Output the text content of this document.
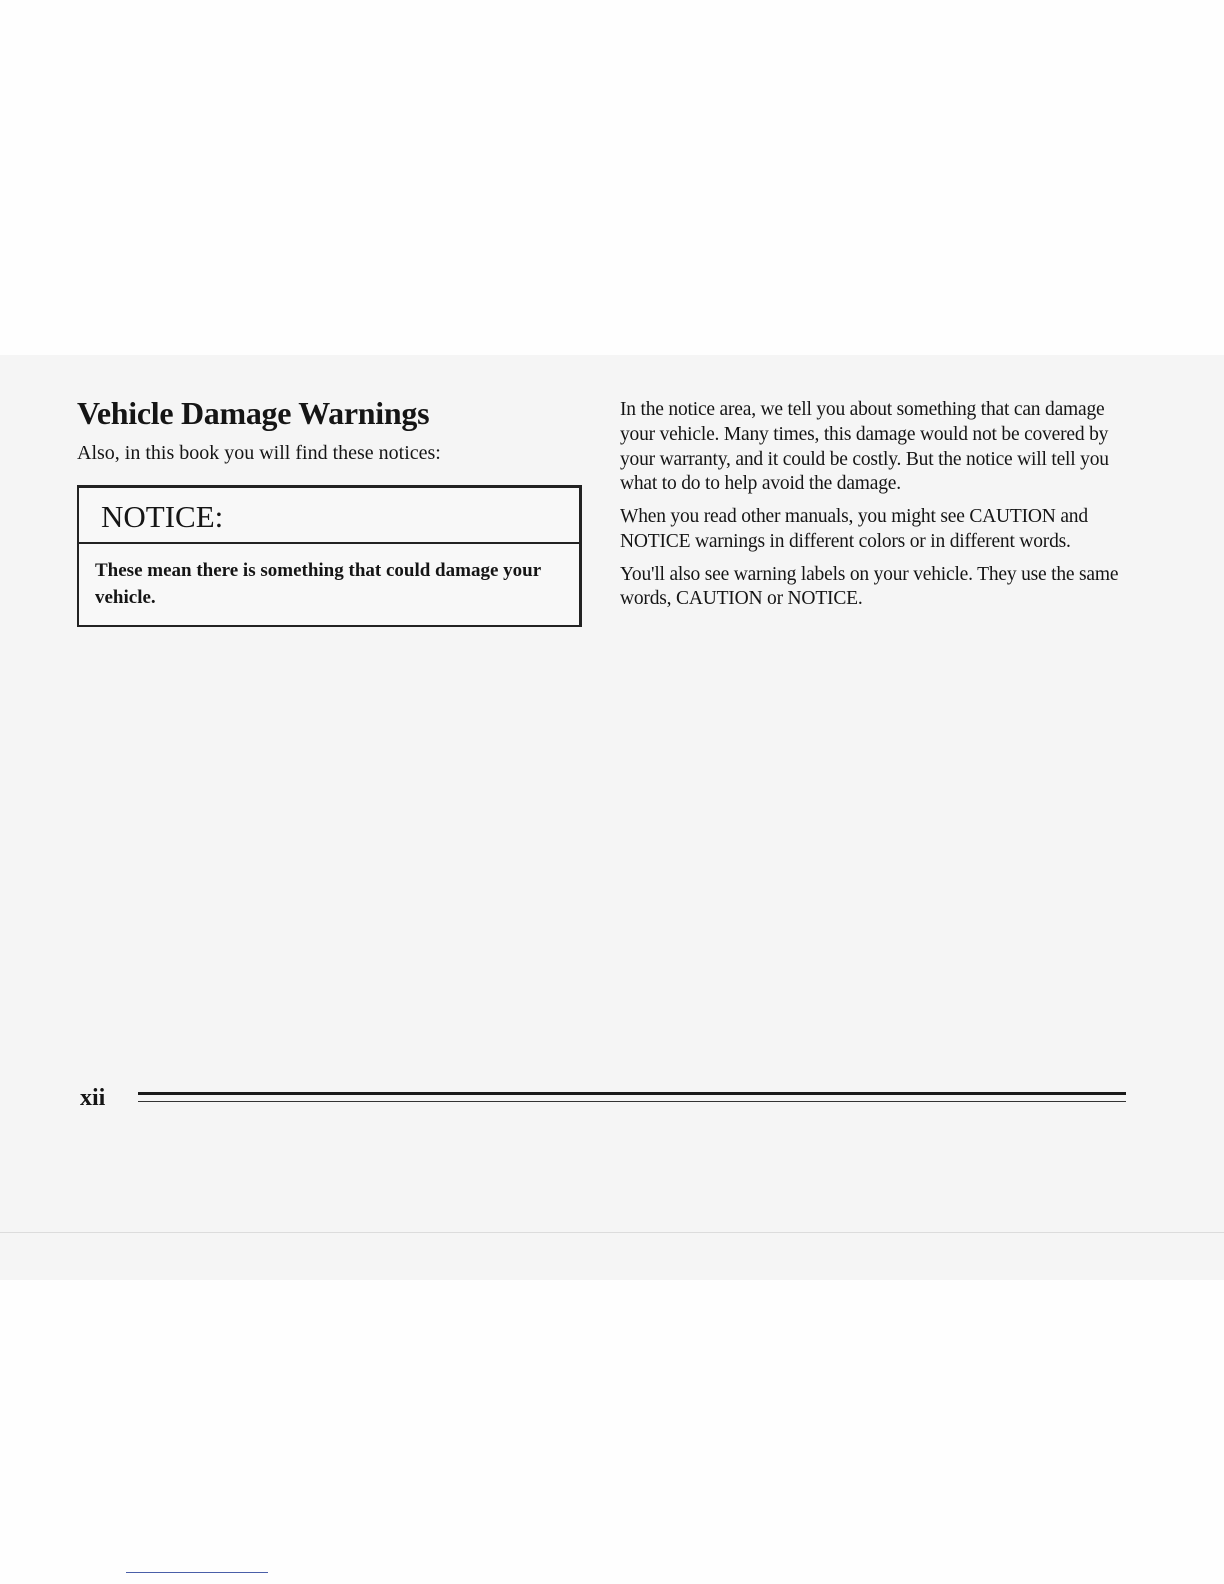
Vehicle Damage Warnings

Also, in this book you will find these notices:

NOTICE:
These mean there is something that could damage your vehicle.

In the notice area, we tell you about something that can damage your vehicle. Many times, this damage would not be covered by your warranty, and it could be costly. But the notice will tell you what to do to help avoid the damage.

When you read other manuals, you might see CAUTION and NOTICE warnings in different colors or in different words.

You'll also see warning labels on your vehicle. They use the same words, CAUTION or NOTICE.

xii
